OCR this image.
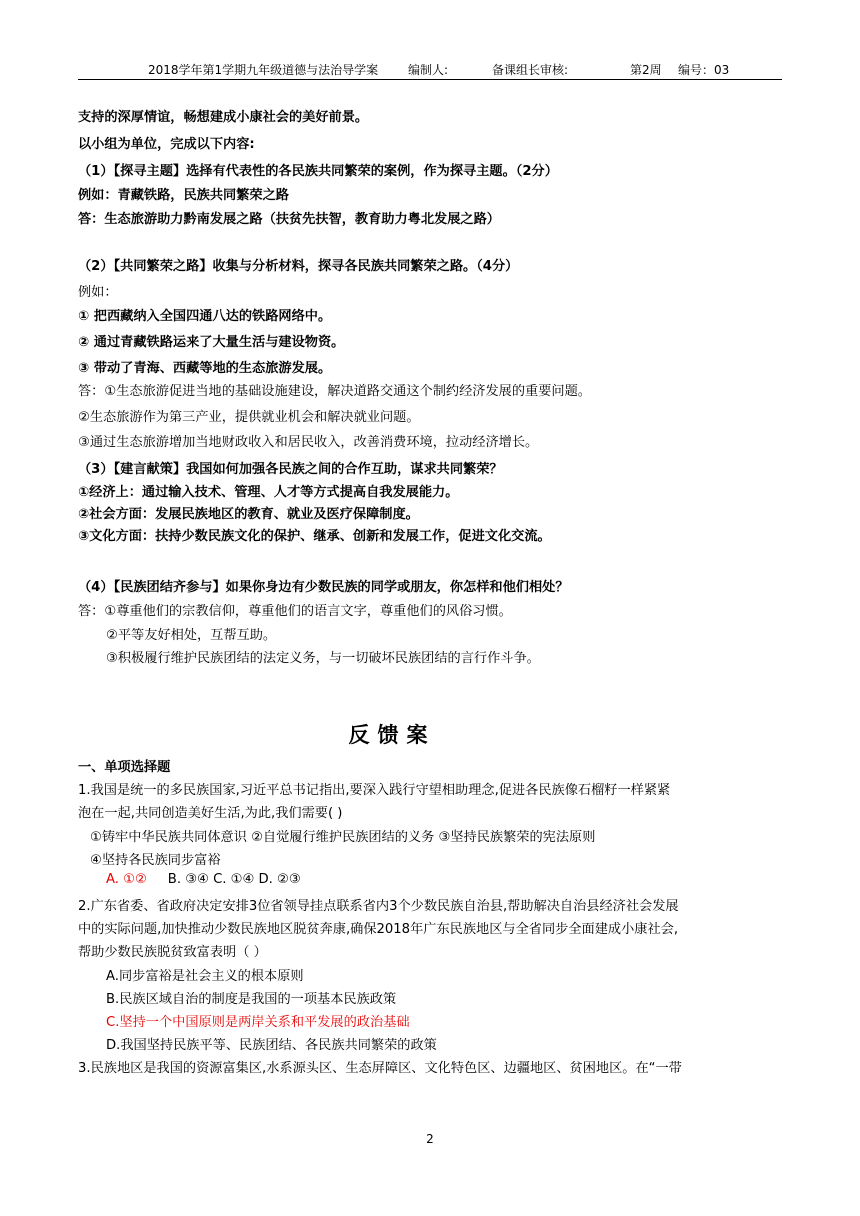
2018学年第1学期九年级道德与法治导学案 编制人:	备课组长审核:	第2周 编号：03
支持的深厚情谊，畅想建成小康社会的美好前景。
以小组为单位，完成以下内容:
（1）【探寻主题】选择有代表性的各民族共同繁荣的案例，作为探寻主题。（2分）
例如：青藏铁路，民族共同繁荣之路
答：生态旅游助力黔南发展之路（扶贫先扶智，教育助力粤北发展之路）
（2）【共同繁荣之路】收集与分析材料，探寻各民族共同繁荣之路。（4分）
例如：
① 把西藏纳入全国四通八达的铁路网络中。
② 通过青藏铁路运来了大量生活与建设物资。
③ 带动了青海、西藏等地的生态旅游发展。
答：①生态旅游促进当地的基础设施建设，解决道路交通这个制约经济发展的重要问题。
②生态旅游作为第三产业，提供就业机会和解决就业问题。
③通过生态旅游增加当地财政收入和居民收入，改善消费环境，拉动经济增长。
（3）【建言献策】我国如何加强各民族之间的合作互助，谋求共同繁荣？
①经济上：通过输入技术、管理、人才等方式提高自我发展能力。
②社会方面：发展民族地区的教育、就业及医疗保障制度。
③文化方面：扶持少数民族文化的保护、继承、创新和发展工作，促进文化交流。
（4）【民族团结齐参与】如果你身边有少数民族的同学或朋友，你怎样和他们相处？
答：①尊重他们的宗教信仰，尊重他们的语言文字，尊重他们的风俗习惯。
②平等友好相处，互帮互助。
③积极履行维护民族团结的法定义务，与一切破坏民族团结的言行作斗争。
反馈案
一、单项选择题
1.我国是统一的多民族国家,习近平总书记指出,要深入践行守望相助理念,促进各民族像石榴籽一样紧紧
泡在一起,共同创造美好生活,为此,我们需要( )
①铸牢中华民族共同体意识 ②自觉履行维护民族团结的义务 ③坚持民族繁荣的宪法原则
④坚持各民族同步富裕
A. ①② B. ③④ C. ①④ D. ②③
2.广东省委、省政府决定安排3位省领导挂点联系省内3个少数民族自治县,帮助解决自治县经济社会发展
中的实际问题,加快推动少数民族地区脱贫奔康,确保2018年广东民族地区与全省同步全面建成小康社会,
帮助少数民族脱贫致富表明（ ）
A.同步富裕是社会主义的根本原则
B.民族区域自治的制度是我国的一项基本民族政策
C.坚持一个中国原则是两岸关系和平发展的政治基础
D.我国坚持民族平等、民族团结、各民族共同繁荣的政策
3.民族地区是我国的资源富集区,水系源头区、生态屏障区、文化特色区、边疆地区、贫困地区。在“一带
2
